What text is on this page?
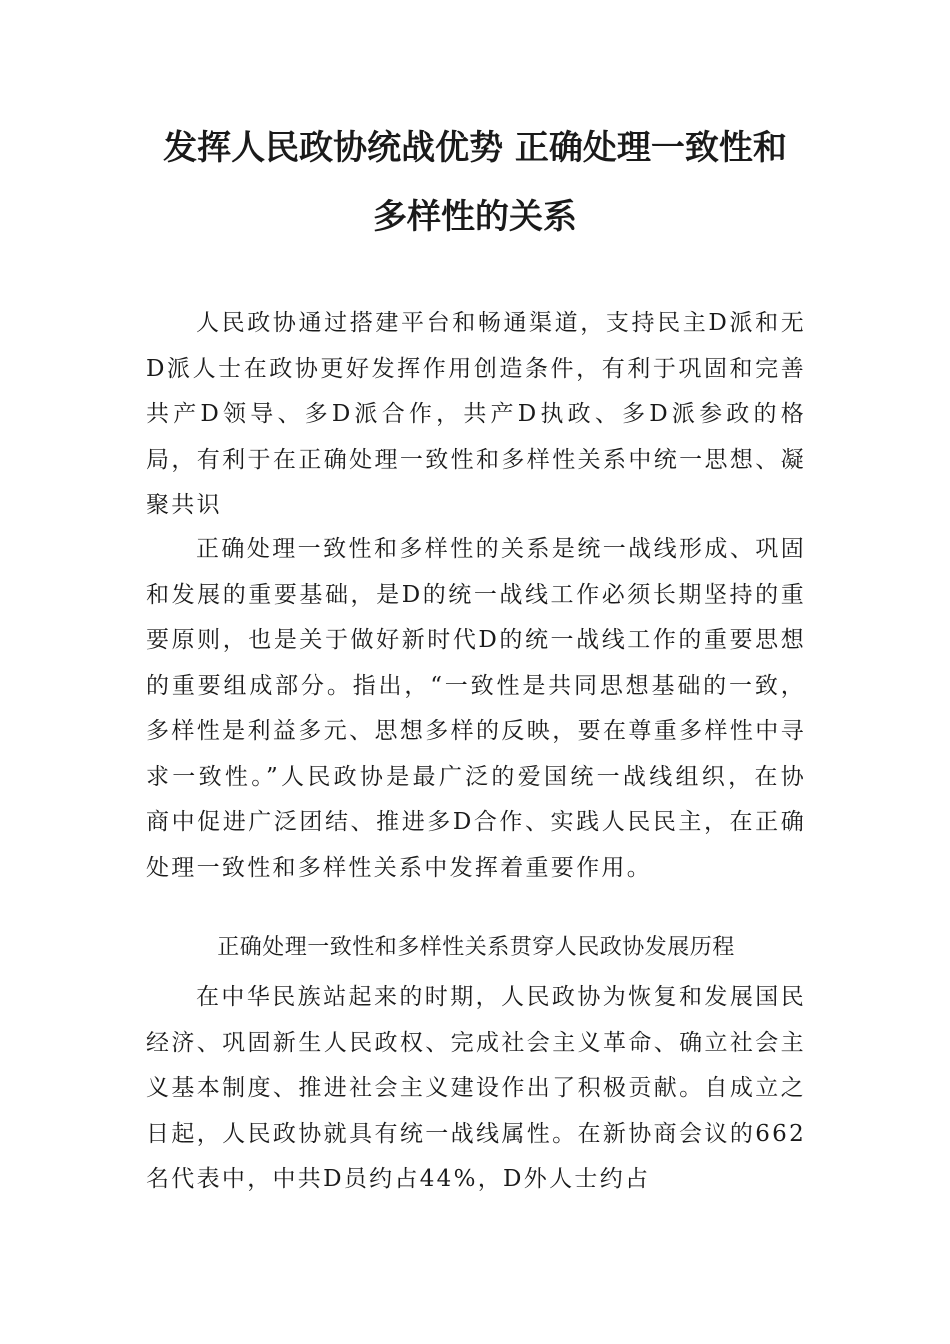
发挥人民政协统战优势 正确处理一致性和
多样性的关系

人民政协通过搭建平台和畅通渠道，支持民主D派和无D派人士在政协更好发挥作用创造条件，有利于巩固和完善共产D领导、多D派合作，共产D执政、多D派参政的格局，有利于在正确处理一致性和多样性关系中统一思想、凝聚共识

正确处理一致性和多样性的关系是统一战线形成、巩固和发展的重要基础，是D的统一战线工作必须长期坚持的重要原则，也是关于做好新时代D的统一战线工作的重要思想的重要组成部分。指出，“一致性是共同思想基础的一致，多样性是利益多元、思想多样的反映，要在尊重多样性中寻求一致性。”人民政协是最广泛的爱国统一战线组织，在协商中促进广泛团结、推进多D合作、实践人民民主，在正确处理一致性和多样性关系中发挥着重要作用。

正确处理一致性和多样性关系贯穿人民政协发展历程

在中华民族站起来的时期，人民政协为恢复和发展国民经济、巩固新生人民政权、完成社会主义革命、确立社会主义基本制度、推进社会主义建设作出了积极贡献。自成立之日起，人民政协就具有统一战线属性。在新协商会议的662名代表中，中共D员约占44%，D外人士约占
